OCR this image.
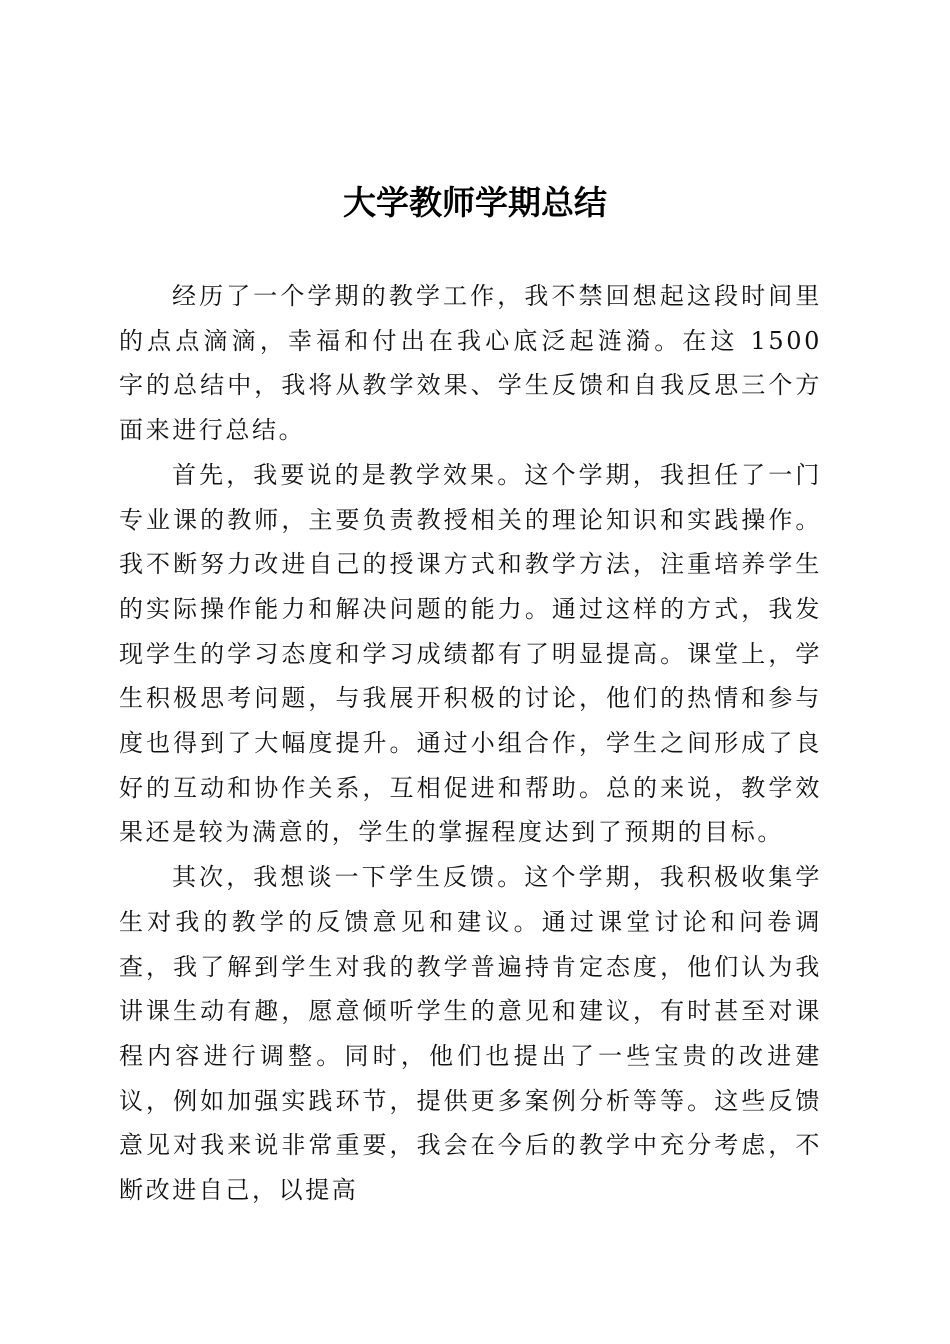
大学教师学期总结

经历了一个学期的教学工作，我不禁回想起这段时间里的点点滴滴，幸福和付出在我心底泛起涟漪。在这 1500 字的总结中，我将从教学效果、学生反馈和自我反思三个方面来进行总结。

首先，我要说的是教学效果。这个学期，我担任了一门专业课的教师，主要负责教授相关的理论知识和实践操作。我不断努力改进自己的授课方式和教学方法，注重培养学生的实际操作能力和解决问题的能力。通过这样的方式，我发现学生的学习态度和学习成绩都有了明显提高。课堂上，学生积极思考问题，与我展开积极的讨论，他们的热情和参与度也得到了大幅度提升。通过小组合作，学生之间形成了良好的互动和协作关系，互相促进和帮助。总的来说，教学效果还是较为满意的，学生的掌握程度达到了预期的目标。

其次，我想谈一下学生反馈。这个学期，我积极收集学生对我的教学的反馈意见和建议。通过课堂讨论和问卷调查，我了解到学生对我的教学普遍持肯定态度，他们认为我讲课生动有趣，愿意倾听学生的意见和建议，有时甚至对课程内容进行调整。同时，他们也提出了一些宝贵的改进建议，例如加强实践环节，提供更多案例分析等等。这些反馈意见对我来说非常重要，我会在今后的教学中充分考虑，不断改进自己，以提高
